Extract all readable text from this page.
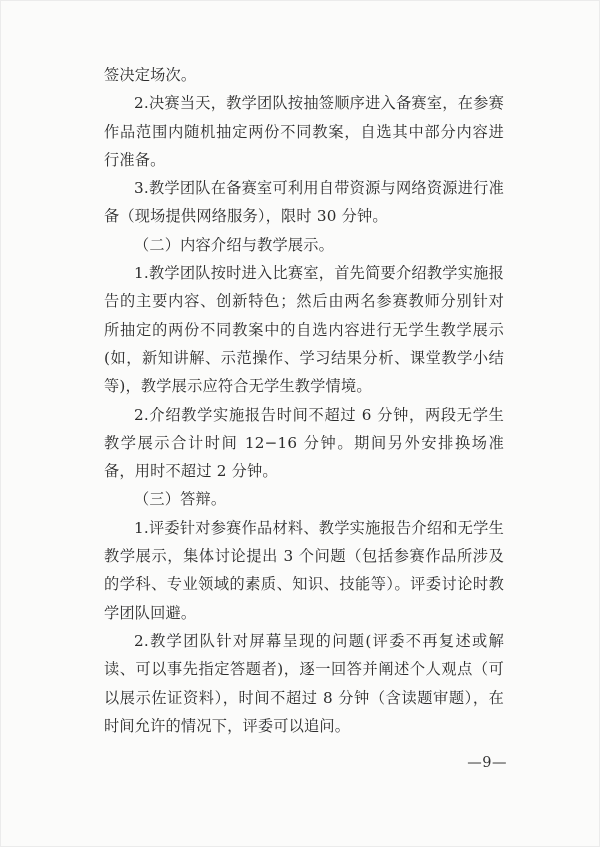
签决定场次。

2.决赛当天，教学团队按抽签顺序进入备赛室，在参赛作品范围内随机抽定两份不同教案，自选其中部分内容进行准备。

3.教学团队在备赛室可利用自带资源与网络资源进行准备（现场提供网络服务），限时 30 分钟。

（二）内容介绍与教学展示。

1.教学团队按时进入比赛室，首先简要介绍教学实施报告的主要内容、创新特色；然后由两名参赛教师分别针对所抽定的两份不同教案中的自选内容进行无学生教学展示(如，新知讲解、示范操作、学习结果分析、课堂教学小结等)，教学展示应符合无学生教学情境。

2.介绍教学实施报告时间不超过 6 分钟，两段无学生教学展示合计时间 12−16 分钟。期间另外安排换场准备，用时不超过 2 分钟。

（三）答辩。

1.评委针对参赛作品材料、教学实施报告介绍和无学生教学展示，集体讨论提出 3 个问题（包括参赛作品所涉及的学科、专业领域的素质、知识、技能等）。评委讨论时教学团队回避。

2.教学团队针对屏幕呈现的问题(评委不再复述或解读、可以事先指定答题者)，逐一回答并阐述个人观点（可以展示佐证资料），时间不超过 8 分钟（含读题审题），在时间允许的情况下，评委可以追问。

—9—
